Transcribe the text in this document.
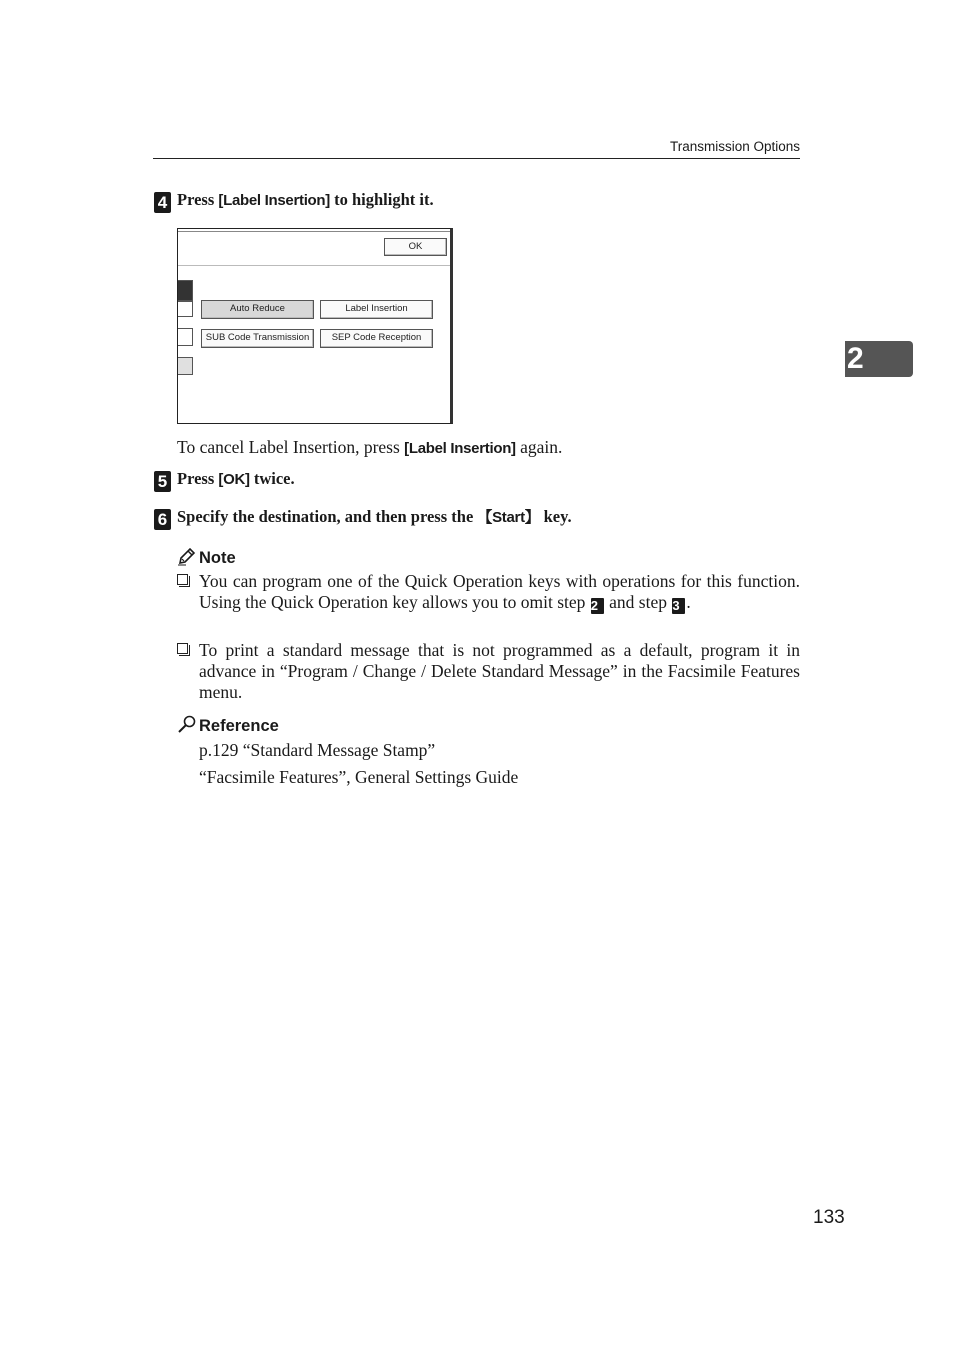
Transmission Options
4 Press [Label Insertion] to highlight it.
OK
Auto Reduce	Label Insertion
SUB Code Transmission	SEP Code Reception
To cancel Label Insertion, press [Label Insertion] again.
5 Press [OK] twice.
6 Specify the destination, and then press the 【Start】 key.
Note
You can program one of the Quick Operation keys with operations for this function. Using the Quick Operation key allows you to omit step 2 and step 3 .
To print a standard message that is not programmed as a default, program it in advance in “Program / Change / Delete Standard Message” in the Facsimile Features menu.
Reference
p.129 “Standard Message Stamp”
“Facsimile Features”, General Settings Guide
2
133
